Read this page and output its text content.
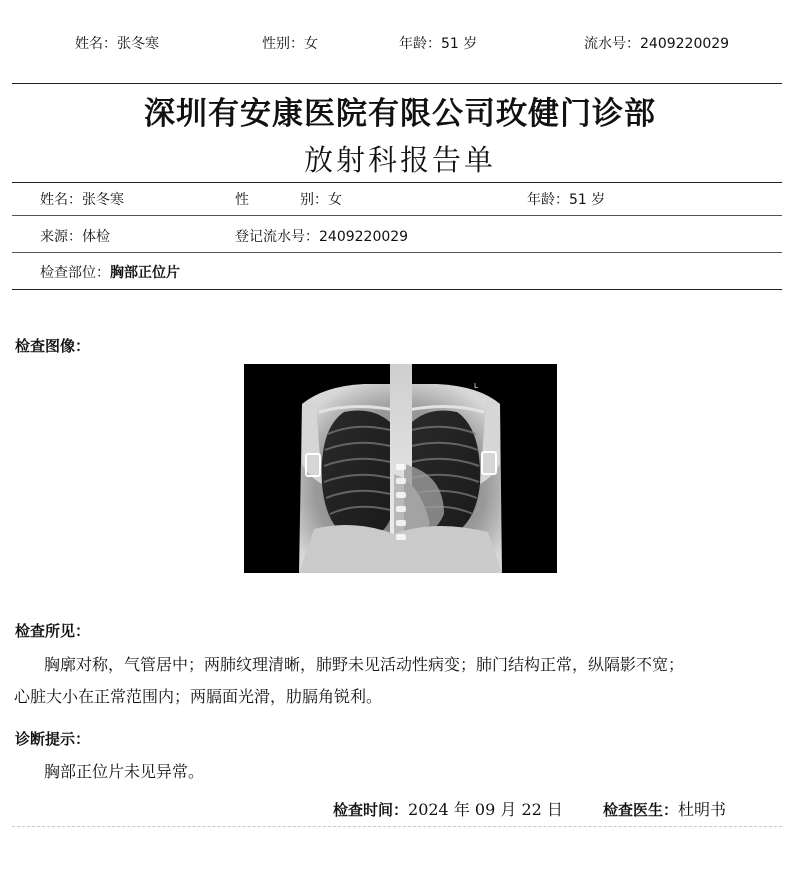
姓名：张冬寒	性别：女	年龄：51 岁	流水号：2409220029
深圳有安康医院有限公司玫健门诊部
放射科报告单
姓名：张冬寒	性	别：女	年龄：51 岁
来源：体检	登记流水号：2409220029
检查部位：胸部正位片
检查图像：
L
检查所见：
胸廓对称，气管居中；两肺纹理清晰，肺野未见活动性病变；肺门结构正常，纵隔影不宽；
心脏大小在正常范围内；两膈面光滑，肋膈角锐利。
诊断提示：
胸部正位片未见异常。
检查时间：2024 年 09 月 22 日	检查医生：杜明书
